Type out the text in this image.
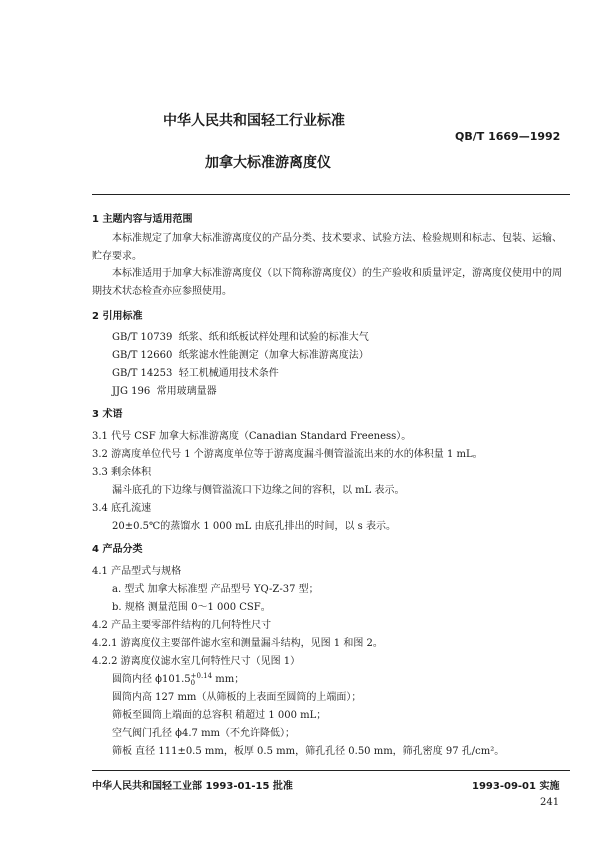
中华人民共和国轻工行业标准
QB/T 1669—1992
加拿大标准游离度仪
1 主题内容与适用范围
本标准规定了加拿大标准游离度仪的产品分类、技术要求、试验方法、检验规则和标志、包装、运输、贮存要求。
本标准适用于加拿大标准游离度仪（以下简称游离度仪）的生产验收和质量评定，游离度仪使用中的周期技术状态检查亦应参照使用。
2 引用标准
GB/T 10739 纸浆、纸和纸板试样处理和试验的标准大气
GB/T 12660 纸浆滤水性能测定（加拿大标准游离度法）
GB/T 14253 轻工机械通用技术条件
JJG 196 常用玻璃量器
3 术语
3.1 代号 CSF 加拿大标准游离度（Canadian Standard Freeness）。
3.2 游离度单位代号 1 个游离度单位等于游离度漏斗侧管溢流出来的水的体积量 1 mL。
3.3 剩余体积
漏斗底孔的下边缘与侧管溢流口下边缘之间的容积，以 mL 表示。
3.4 底孔流速
20±0.5℃的蒸馏水 1 000 mL 由底孔排出的时间，以 s 表示。
4 产品分类
4.1 产品型式与规格
a. 型式 加拿大标准型 产品型号 YQ-Z-37 型；
b. 规格 测量范围 0～1 000 CSF。
4.2 产品主要零部件结构的几何特性尺寸
4.2.1 游离度仪主要部件滤水室和测量漏斗结构，见图 1 和图 2。
4.2.2 游离度仪滤水室几何特性尺寸（见图 1）
圆筒内径 ϕ101.5 +0.14
0	mm；
圆筒内高 127 mm（从筛板的上表面至圆筒的上端面）；
筛板至圆筒上端面的总容积 稍超过 1 000 mL；
空气阀门孔径 ϕ4.7 mm（不允许降低）；
筛板 直径 111±0.5 mm，板厚 0.5 mm，筛孔孔径 0.50 mm，筛孔密度 97 孔/cm²。
中华人民共和国轻工业部 1993-01-15 批准	1993-09-01 实施
241
